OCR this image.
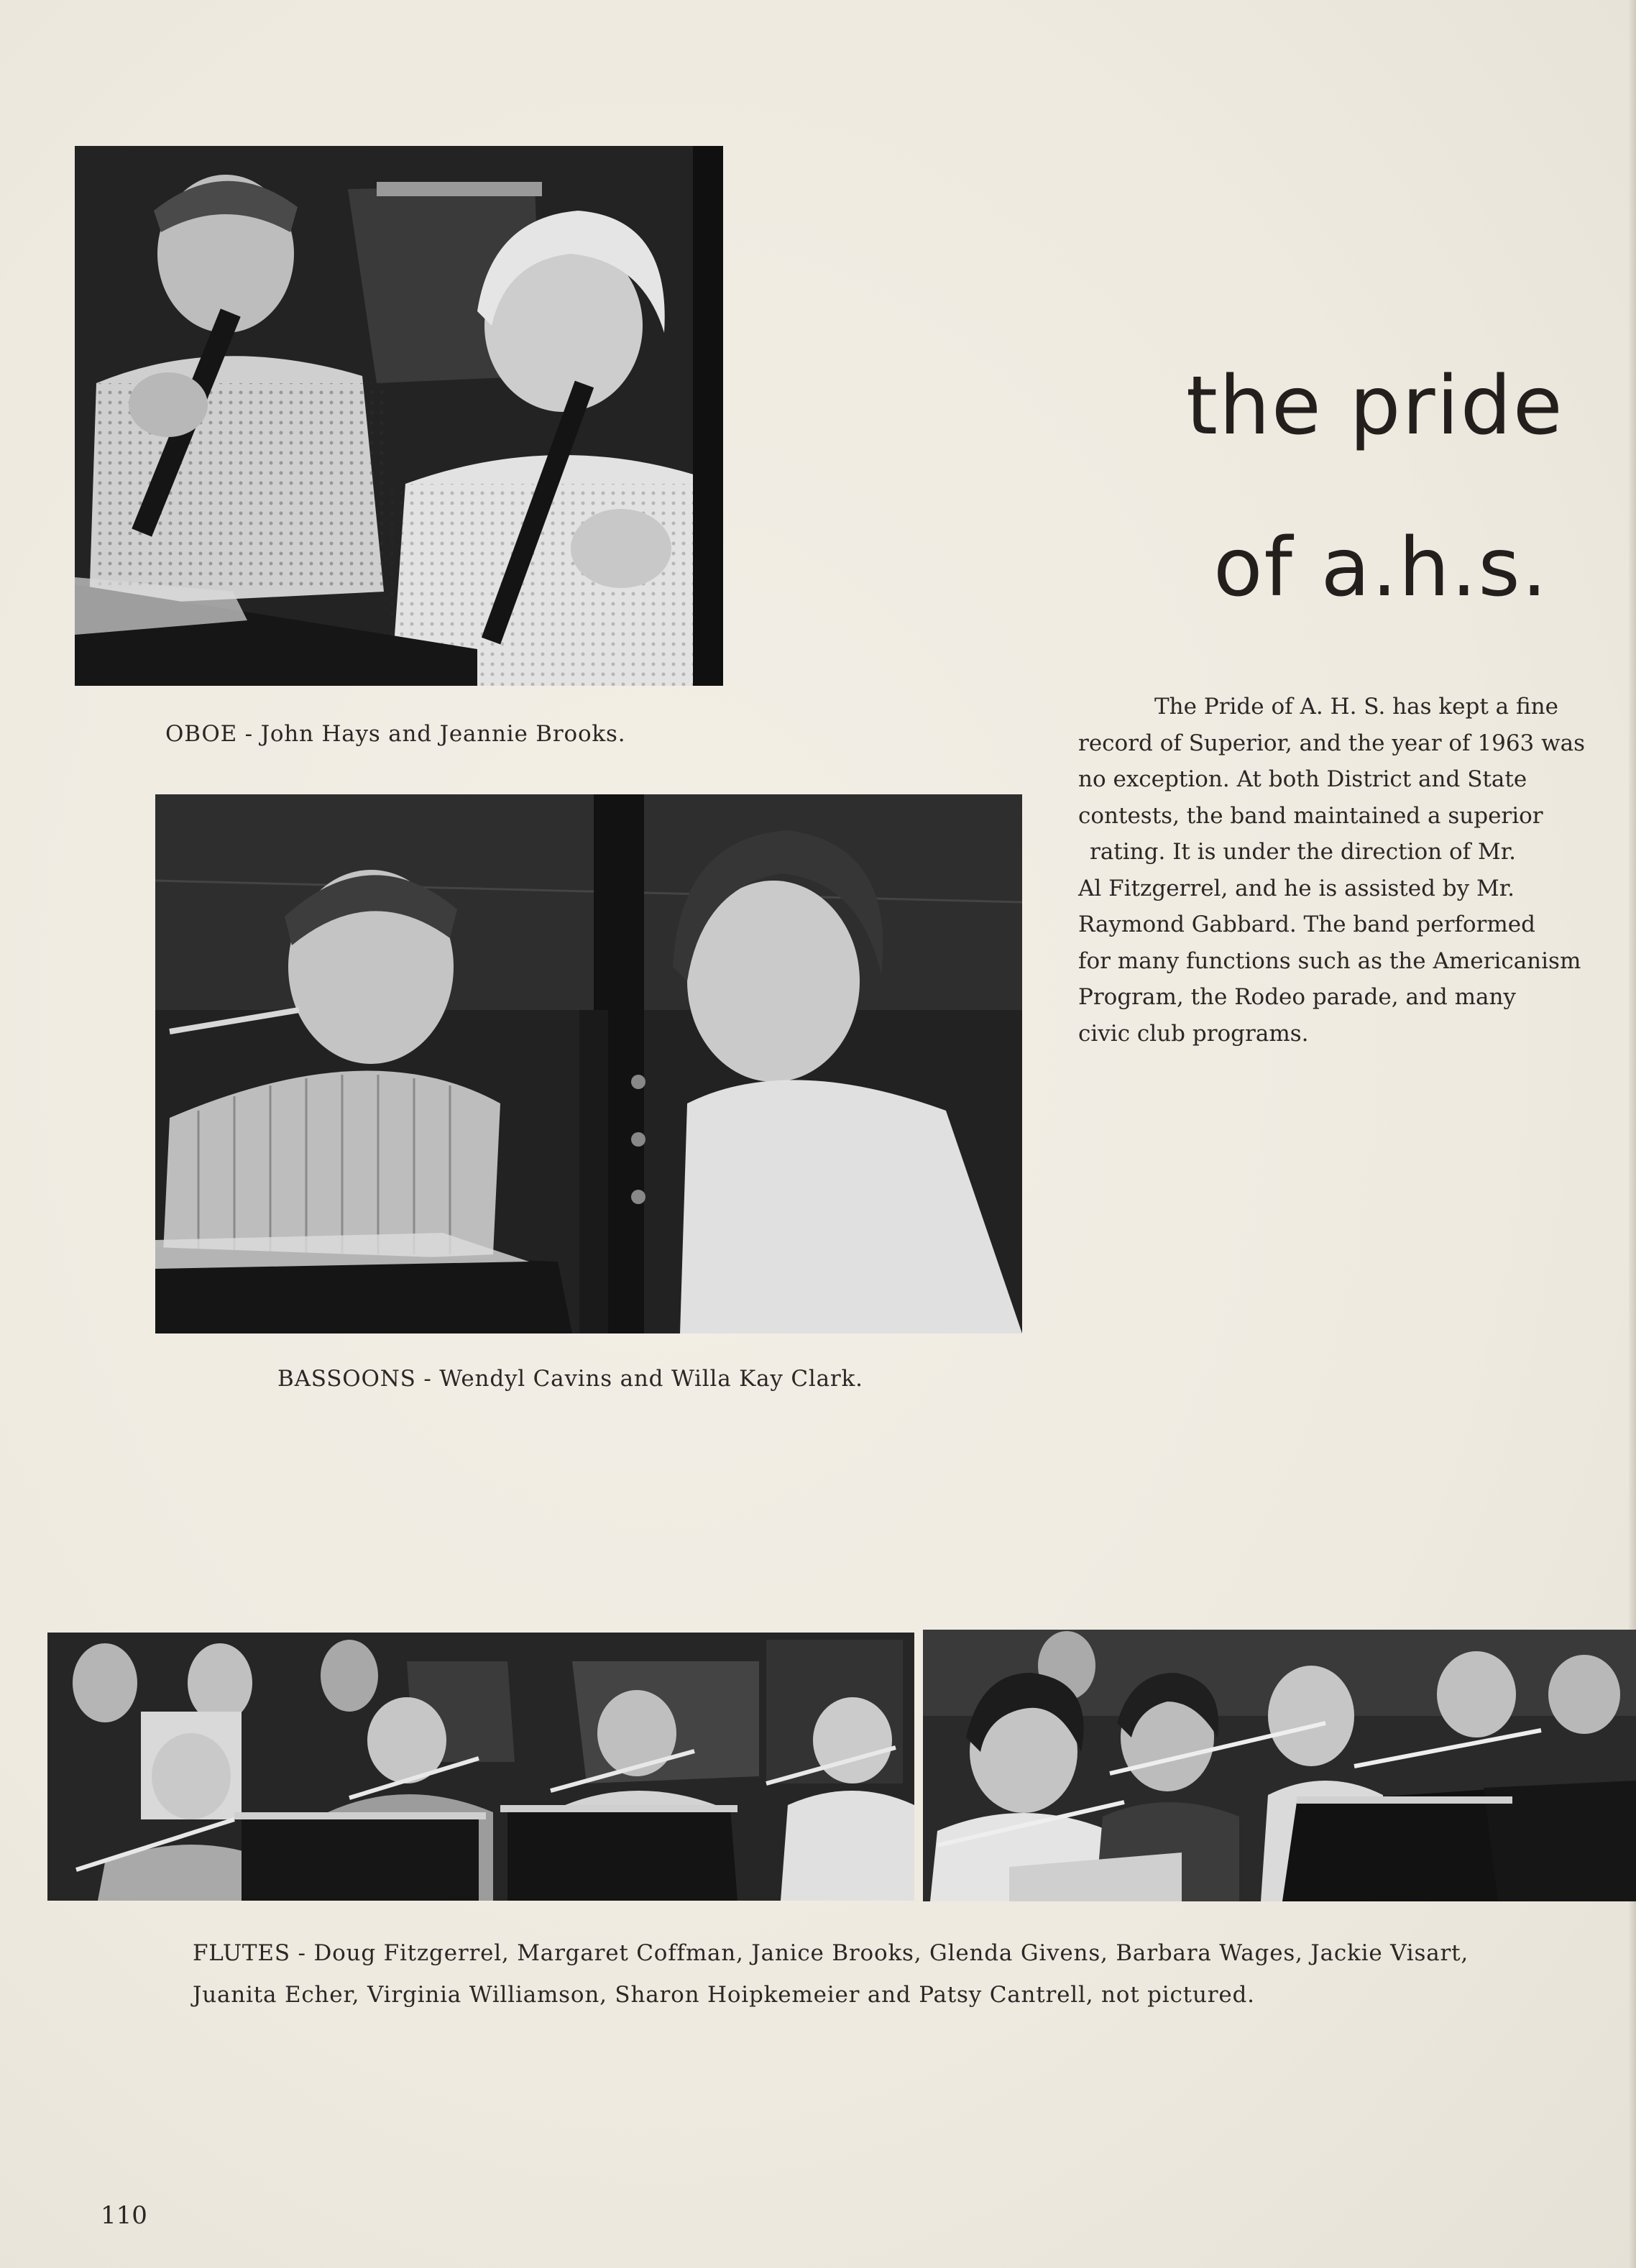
OBOE - John Hays and Jeannie Brooks.
BASSOONS - Wendyl Cavins and Willa Kay Clark.
the pride
of a.h.s.
The Pride of A. H. S. has kept a fine
record of Superior, and the year of 1963 was
no exception. At both District and State
contests, the band maintained a superior
rating. It is under the direction of Mr.
Al Fitzgerrel, and he is assisted by Mr.
Raymond Gabbard. The band performed
for many functions such as the Americanism
Program, the Rodeo parade, and many
civic club programs.
FLUTES - Doug Fitzgerrel, Margaret Coffman, Janice Brooks, Glenda Givens, Barbara Wages, Jackie Visart,
Juanita Echer, Virginia Williamson, Sharon Hoipkemeier and Patsy Cantrell, not pictured.
110
